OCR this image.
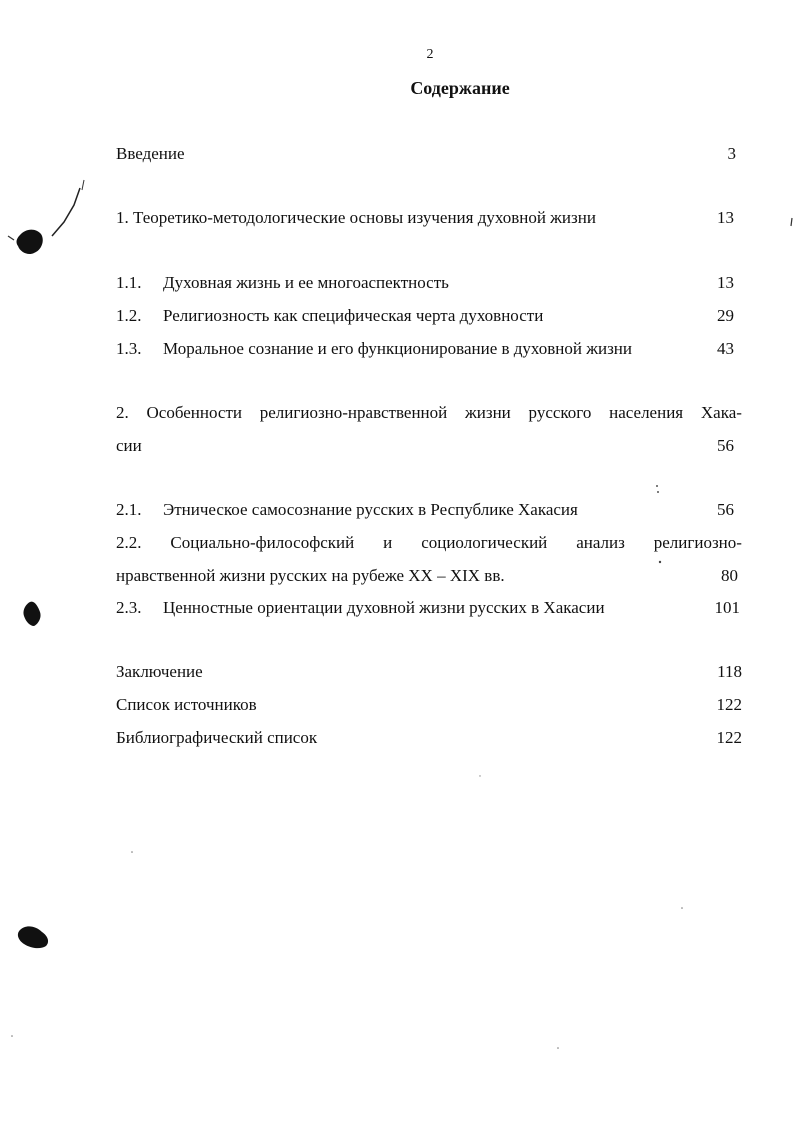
2
Содержание
Введение	3
1. Теоретико-методологические основы изучения духовной жизни	13
1.1. Духовная жизнь и ее многоаспектность	13
1.2. Религиозность как специфическая черта духовности	29
1.3. Моральное сознание и его функционирование в духовной жизни	43
2. Особенности религиозно-нравственной жизни русского населения Хака-
сии	56
2.1. Этническое самосознание русских в Республике Хакасия	56
2.2. Социально-философский и социологический анализ религиозно-
нравственной жизни русских на рубеже XX – XIX вв.	80
2.3. Ценностные ориентации духовной жизни русских в Хакасии	101
Заключение	118
Список источников	122
Библиографический список	122
